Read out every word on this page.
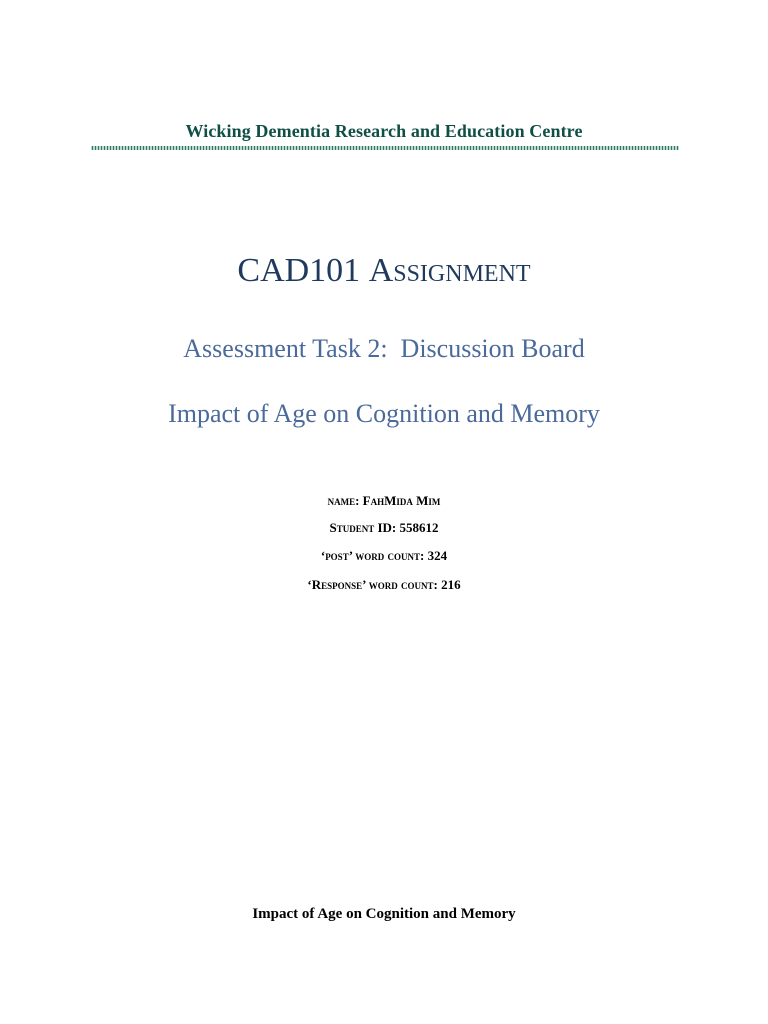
Wicking Dementia Research and Education Centre
CAD101 Assignment
Assessment Task 2:  Discussion Board
Impact of Age on Cognition and Memory
name: FahMida Mim
Student ID: 558612
‘post’ word count: 324
‘Response’ word count: 216
Impact of Age on Cognition and Memory
